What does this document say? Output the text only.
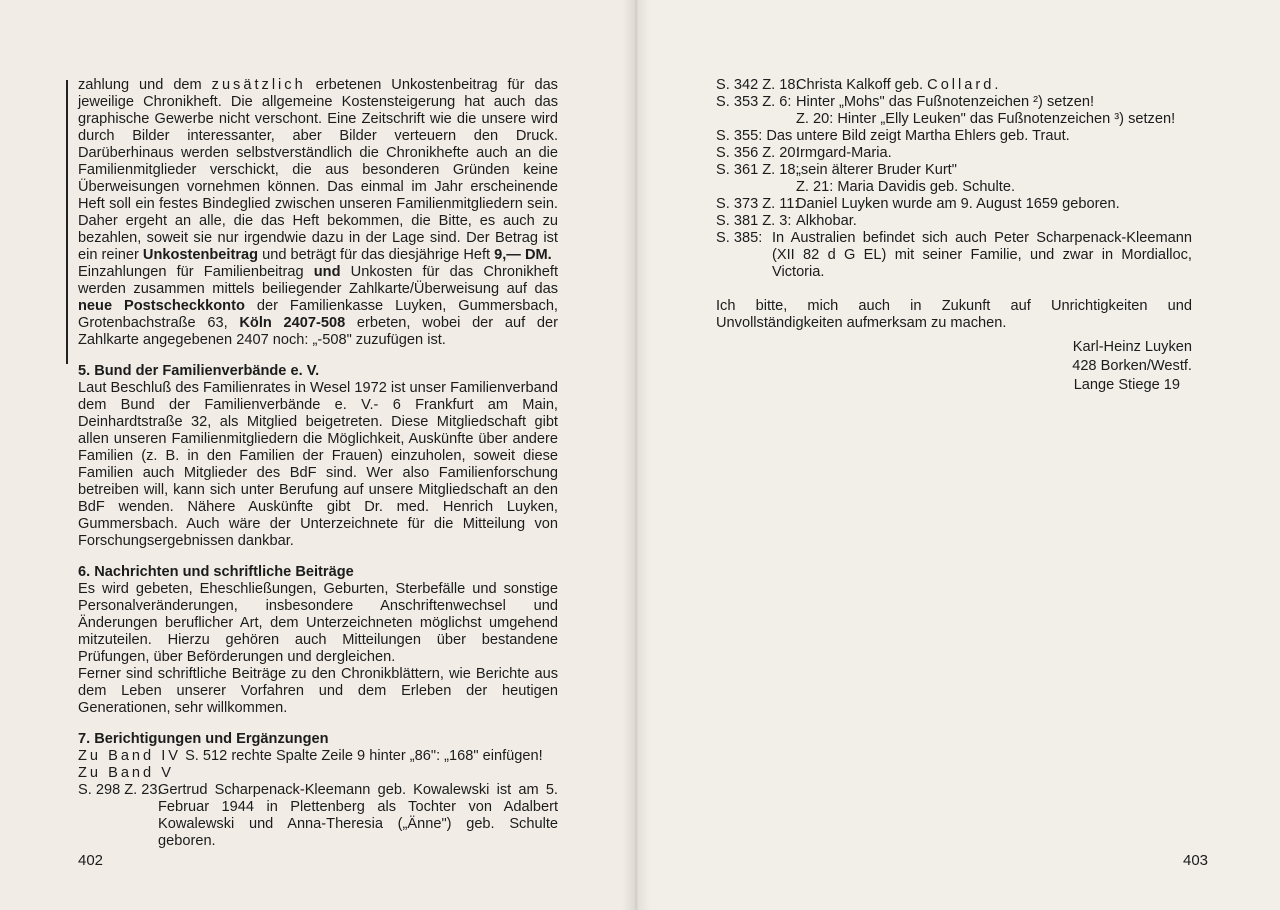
zahlung und dem zusätzlich erbetenen Unkostenbeitrag für das jeweilige Chronikheft. Die allgemeine Kostensteigerung hat auch das graphische Gewerbe nicht verschont. Eine Zeitschrift wie die unsere wird durch Bilder interessanter, aber Bilder verteuern den Druck. Darüberhinaus werden selbstverständlich die Chronikhefte auch an die Familienmitglieder verschickt, die aus besonderen Gründen keine Überweisungen vornehmen können. Das einmal im Jahr erscheinende Heft soll ein festes Bindeglied zwischen unseren Familienmitgliedern sein. Daher ergeht an alle, die das Heft bekommen, die Bitte, es auch zu bezahlen, soweit sie nur irgendwie dazu in der Lage sind. Der Betrag ist ein reiner Unkostenbeitrag und beträgt für das diesjährige Heft 9,— DM.

Einzahlungen für Familienbeitrag und Unkosten für das Chronikheft werden zusammen mittels beiliegender Zahlkarte/Überweisung auf das neue Postscheckkonto der Familienkasse Luyken, Gummersbach, Grotenbachstraße 63, Köln 2407-508 erbeten, wobei der auf der Zahlkarte angegebenen 2407 noch: „-508" zuzufügen ist.

5. Bund der Familienverbände e. V.

Laut Beschluß des Familienrates in Wesel 1972 ist unser Familienverband dem Bund der Familienverbände e. V.- 6 Frankfurt am Main, Deinhardtstraße 32, als Mitglied beigetreten. Diese Mitgliedschaft gibt allen unseren Familienmitgliedern die Möglichkeit, Auskünfte über andere Familien (z. B. in den Familien der Frauen) einzuholen, soweit diese Familien auch Mitglieder des BdF sind. Wer also Familienforschung betreiben will, kann sich unter Berufung auf unsere Mitgliedschaft an den BdF wenden. Nähere Auskünfte gibt Dr. med. Henrich Luyken, Gummersbach. Auch wäre der Unterzeichnete für die Mitteilung von Forschungsergebnissen dankbar.

6. Nachrichten und schriftliche Beiträge

Es wird gebeten, Eheschließungen, Geburten, Sterbefälle und sonstige Personalveränderungen, insbesondere Anschriftenwechsel und Änderungen beruflicher Art, dem Unterzeichneten möglichst umgehend mitzuteilen. Hierzu gehören auch Mitteilungen über bestandene Prüfungen, über Beförderungen und dergleichen.

Ferner sind schriftliche Beiträge zu den Chronikblättern, wie Berichte aus dem Leben unserer Vorfahren und dem Erleben der heutigen Generationen, sehr willkommen.

7. Berichtigungen und Ergänzungen

Zu Band IV
S. 512 rechte Spalte Zeile 9 hinter „86": „168" einfügen!
Zu Band V
S. 298 Z. 23:
Gertrud Scharpenack-Kleemann geb. Kowalewski ist am 5. Februar 1944 in Plettenberg als Tochter von Adalbert Kowalewski und Anna-Theresia („Änne") geb. Schulte geboren.
402
S. 342 Z. 18:
Christa Kalkoff geb. Collard.
S. 353 Z. 6: Hinter „Mohs" das Fußnotenzeichen ²) setzen!
Z. 20: Hinter „Elly Leuken" das Fußnotenzeichen ³) setzen!
S. 355:
Das untere Bild zeigt Martha Ehlers geb. Traut.
S. 356 Z. 20:
Irmgard-Maria.
S. 361 Z. 18:
„sein älterer Bruder Kurt"
Z. 21: Maria Davidis geb. Schulte.
S. 373 Z. 11:
Daniel Luyken wurde am 9. August 1659 geboren.
S. 381 Z. 3: Alkhobar.
S. 385: In Australien befindet sich auch Peter Scharpenack-Kleemann (XII 82 d G EL) mit seiner Familie, und zwar in Mordialloc, Victoria.

Ich bitte, mich auch in Zukunft auf Unrichtigkeiten und Unvollständigkeiten aufmerksam zu machen.

Karl-Heinz Luyken
428 Borken/Westf.
Lange Stiege 19
403
